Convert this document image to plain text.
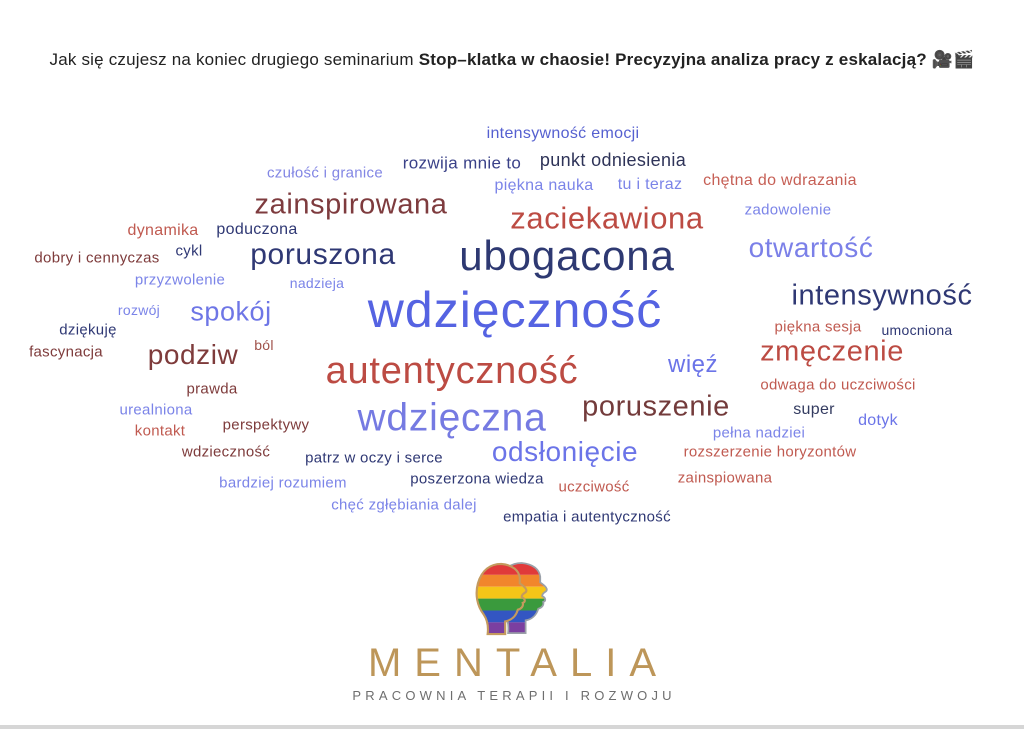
Jak się czujesz na koniec drugiego seminarium Stop–klatka w chaosie! Precyzyjna analiza pracy z eskalacją? 🎥🎬
intensywność emocji
rozwija mnie to punkt odniesienia
piękna nauka tu i teraz chętna do wdrazania
czułość i granice
zainspirowana zaciekawiona	zadowolenie
otwartość
dynamika poduczona
cykl
dobry i cennyczas	poruszona ubogacona
przyzwolenie	nadzieja
rozwój spokój wdzięczność	intensywność
piękna sesja umocniona
dziękuję
ból
fascynacja podziw autentyczność	więź zmęczenie
odwaga do uczciwości
prawda
urealniona	wdzięczna poruszenie	super
dotyk
kontakt perspektywy	pełna nadziei
wdzieczność patrz w oczy i serce odsłonięcie	rozszerzenie horyzontów
bardziej rozumiem	poszerzona wiedza uczciwość
zainspiowana
chęć zgłębiania dalej
empatia i autentyczność
MENTALIA
PRACOWNIA TERAPII I ROZWOJU
